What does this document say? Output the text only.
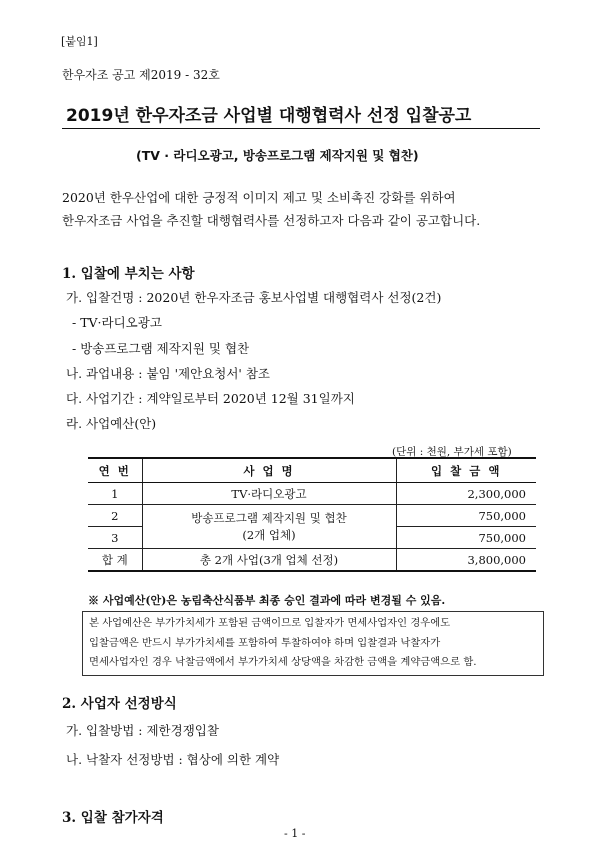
[붙임1]
한우자조 공고 제2019 - 32호
2019년 한우자조금 사업별 대행협력사 선정 입찰공고
(TV · 라디오광고, 방송프로그램 제작지원 및 협찬)
2020년 한우산업에 대한 긍정적 이미지 제고 및 소비촉진 강화를 위하여
한우자조금 사업을 추진할 대행협력사를 선정하고자 다음과 같이 공고합니다.
1. 입찰에 부치는 사항
가. 입찰건명 : 2020년 한우자조금 홍보사업별 대행협력사 선정(2건)
- TV·라디오광고
- 방송프로그램 제작지원 및 협찬
나. 과업내용 : 붙임 '제안요청서' 참조
다. 사업기간 : 계약일로부터 2020년 12월 31일까지
라. 사업예산(안)
(단위 : 천원, 부가세 포함)
연 번	사 업 명	입 찰 금 액
1	TV·라디오광고	2,300,000
2	방송프로그램 제작지원 및 협찬
(2개 업체)	750,000
3		750,000
합 계	총 2개 사업(3개 업체 선정)	3,800,000
※ 사업예산(안)은 농림축산식품부 최종 승인 결과에 따라 변경될 수 있음.
본 사업예산은 부가가치세가 포함된 금액이므로 입찰자가 면세사업자인 경우에도
입찰금액은 반드시 부가가치세를 포함하여 투찰하여야 하며 입찰결과 낙찰자가
면세사업자인 경우 낙찰금액에서 부가가치세 상당액을 차감한 금액을 계약금액으로 함.
2. 사업자 선정방식
가. 입찰방법 : 제한경쟁입찰
나. 낙찰자 선정방법 : 협상에 의한 계약
3. 입찰 참가자격
- 1 -
